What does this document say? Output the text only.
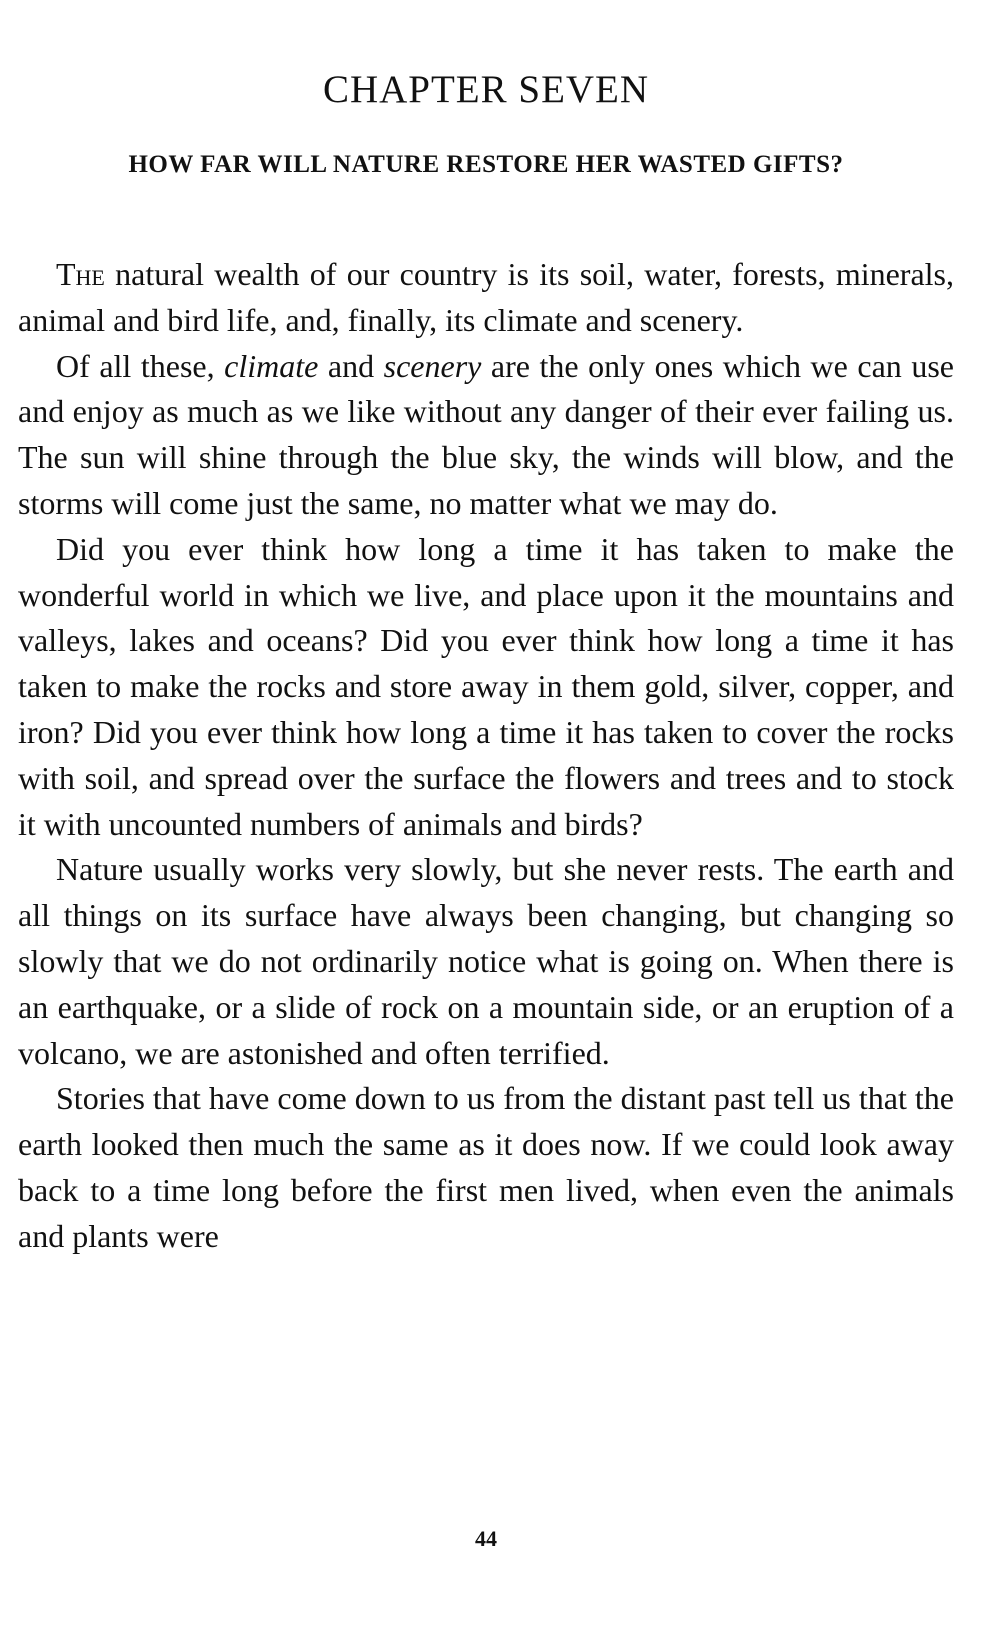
CHAPTER SEVEN
HOW FAR WILL NATURE RESTORE HER WASTED GIFTS?

The natural wealth of our country is its soil, water, forests, minerals, animal and bird life, and, finally, its climate and scenery.

Of all these, climate and scenery are the only ones which we can use and enjoy as much as we like without any danger of their ever failing us. The sun will shine through the blue sky, the winds will blow, and the storms will come just the same, no matter what we may do.

Did you ever think how long a time it has taken to make the wonderful world in which we live, and place upon it the mountains and valleys, lakes and oceans? Did you ever think how long a time it has taken to make the rocks and store away in them gold, silver, copper, and iron? Did you ever think how long a time it has taken to cover the rocks with soil, and spread over the surface the flowers and trees and to stock it with uncounted numbers of animals and birds?

Nature usually works very slowly, but she never rests. The earth and all things on its surface have always been changing, but changing so slowly that we do not ordinarily notice what is going on. When there is an earthquake, or a slide of rock on a mountain side, or an eruption of a volcano, we are astonished and often terrified.

Stories that have come down to us from the distant past tell us that the earth looked then much the same as it does now. If we could look away back to a time long before the first men lived, when even the animals and plants were

44
